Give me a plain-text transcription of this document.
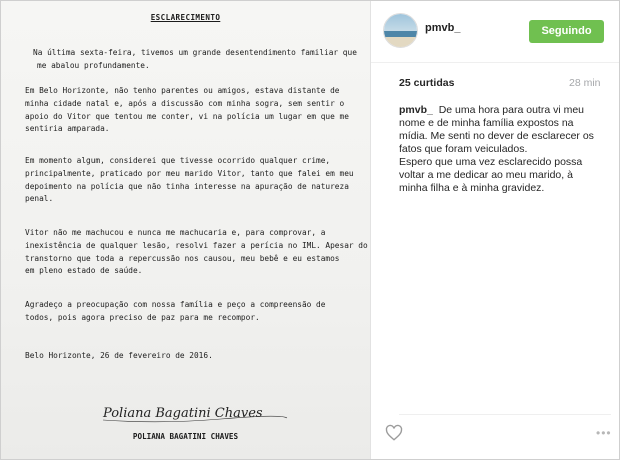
ESCLARECIMENTO
Na última sexta-feira, tivemos um grande desentendimento familiar que
me abalou profundamente.
Em Belo Horizonte, não tenho parentes ou amigos, estava distante de
minha cidade natal e, após a discussão com minha sogra, sem sentir o
apoio do Vitor que tentou me conter, vi na polícia um lugar em que me
sentiria amparada.
Em momento algum, considerei que tivesse ocorrido qualquer crime,
principalmente, praticado por meu marido Vitor, tanto que falei em meu
depoimento na polícia que não tinha interesse na apuração de natureza
penal.
Vitor não me machucou e nunca me machucaria e, para comprovar, a
inexistência de qualquer lesão, resolvi fazer a perícia no IML. Apesar do
transtorno que toda a repercussão nos causou, meu bebê e eu estamos
em pleno estado de saúde.
Agradeço a preocupação com nossa família e peço a compreensão de
todos, pois agora preciso de paz para me recompor.
Belo Horizonte, 26 de fevereiro de 2016.
Poliana Bagatini Chaves
POLIANA BAGATINI CHAVES
pmvb_	Seguindo
25 curtidas	28 min
pmvb_ De uma hora para outra vi meu
nome e de minha família expostos na
mídia. Me senti no dever de esclarecer os
fatos que foram veiculados.
Espero que uma vez esclarecido possa
voltar a me dedicar ao meu marido, à
minha filha e à minha gravidez.
•••
